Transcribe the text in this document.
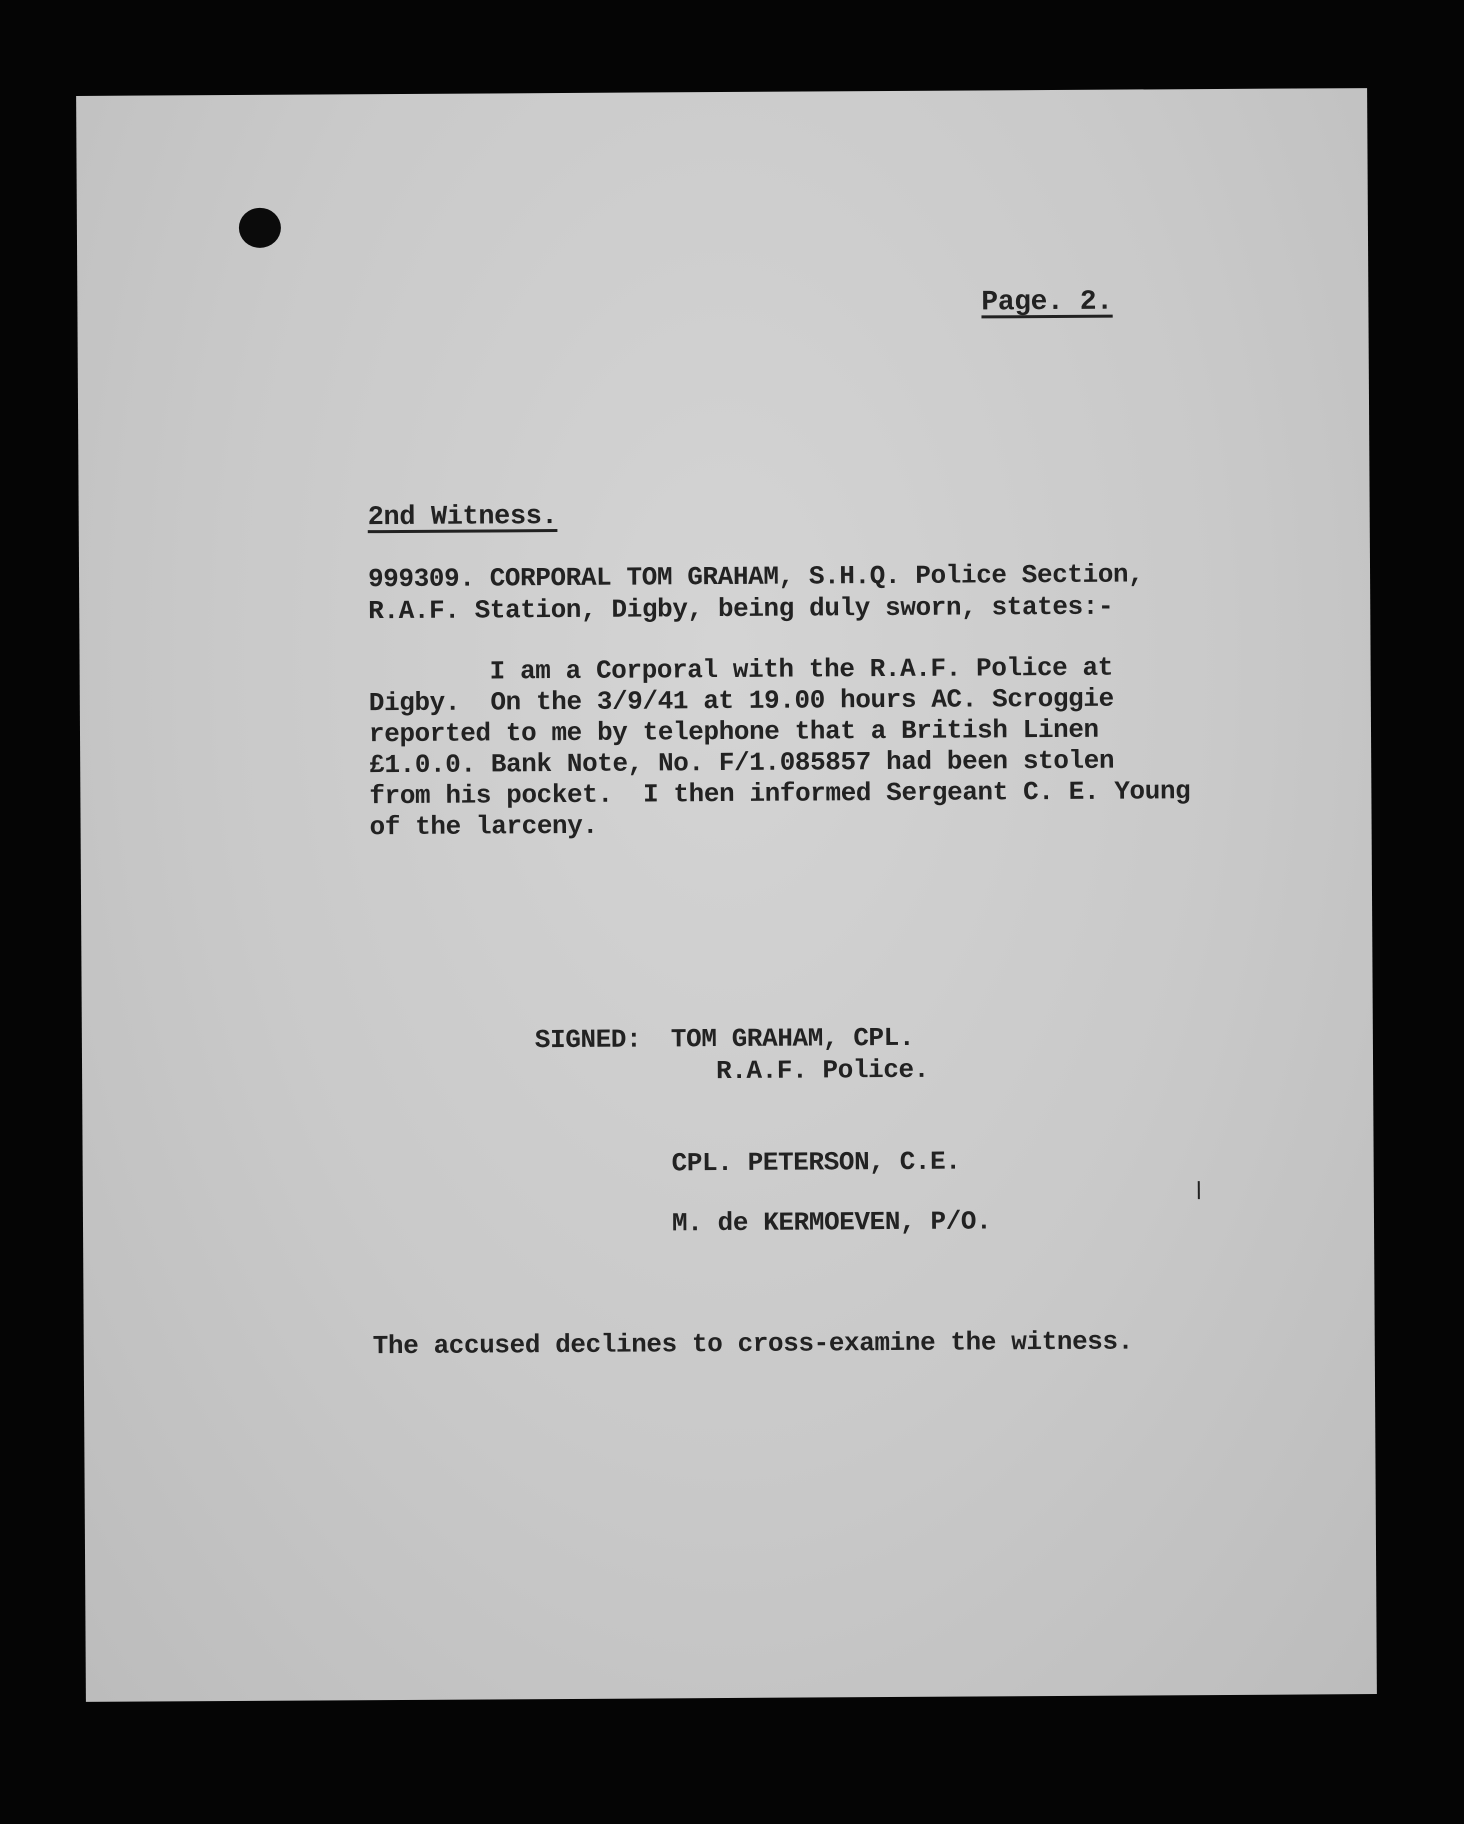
Page. 2.
2nd Witness.
999309. CORPORAL TOM GRAHAM, S.H.Q. Police Section,
R.A.F. Station, Digby, being duly sworn, states:-
I am a Corporal with the R.A.F. Police at
Digby.  On the 3/9/41 at 19.00 hours AC. Scroggie
reported to me by telephone that a British Linen
£1.0.0. Bank Note, No. F/1.085857 had been stolen
from his pocket.  I then informed Sergeant C. E. Young
of the larceny.
SIGNED: TOM GRAHAM, CPL.
R.A.F. Police.
CPL. PETERSON, C.E.
M. de KERMOEVEN, P/O.
The accused declines to cross-examine the witness.
